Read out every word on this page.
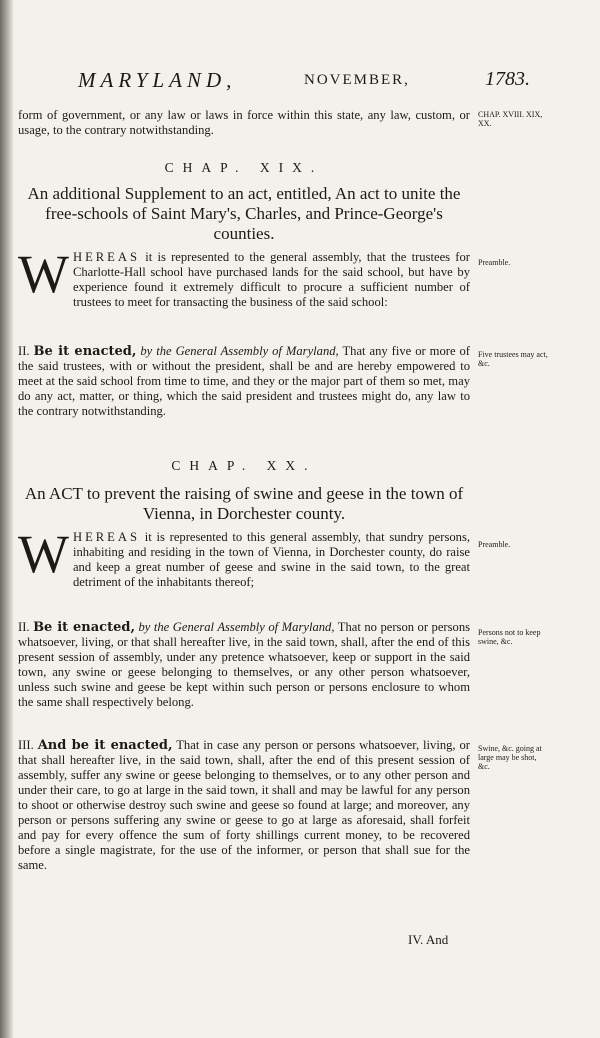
MARYLAND,	NOVEMBER,	1783.

form of government, or any law or laws in force within this state, any law, custom, or usage, to the contrary notwithstanding.

CHAP. XVIII. XIX, XX.

CHAP. XIX.

An additional Supplement to an act, entitled, An act to unite the free-schools of Saint Mary's, Charles, and Prince-George's counties.

WHEREAS it is represented to the general assembly, that the trustees for Charlotte-Hall school have purchased lands for the said school, but have by experience found it extremely difficult to procure a sufficient number of trustees to meet for transacting the business of the said school:

Preamble.

II. Be it enacted, by the General Assembly of Maryland, That any five or more of the said trustees, with or without the president, shall be and are hereby empowered to meet at the said school from time to time, and they or the major part of them so met, may do any act, matter, or thing, which the said president and trustees might do, any law to the contrary notwithstanding.

Five trustees may act, &c.

CHAP. XX.

An ACT to prevent the raising of swine and geese in the town of Vienna, in Dorchester county.

WHEREAS it is represented to this general assembly, that sundry persons, inhabiting and residing in the town of Vienna, in Dorchester county, do raise and keep a great number of geese and swine in the said town, to the great detriment of the inhabitants thereof;

Preamble.

II. Be it enacted, by the General Assembly of Maryland, That no person or persons whatsoever, living, or that shall hereafter live, in the said town, shall, after the end of this present session of assembly, under any pretence whatsoever, keep or support in the said town, any swine or geese belonging to themselves, or any other person whatsoever, unless such swine and geese be kept within such person or persons enclosure to whom the same shall respectively belong.

Persons not to keep swine, &c.

III. And be it enacted, That in case any person or persons whatsoever, living, or that shall hereafter live, in the said town, shall, after the end of this present session of assembly, suffer any swine or geese belonging to themselves, or to any other person and under their care, to go at large in the said town, it shall and may be lawful for any person to shoot or otherwise destroy such swine and geese so found at large; and moreover, any person or persons suffering any swine or geese to go at large as aforesaid, shall forfeit and pay for every offence the sum of forty shillings current money, to be recovered before a single magistrate, for the use of the informer, or person that shall sue for the same.

Swine, &c. going at large may be shot, &c.
IV. And
